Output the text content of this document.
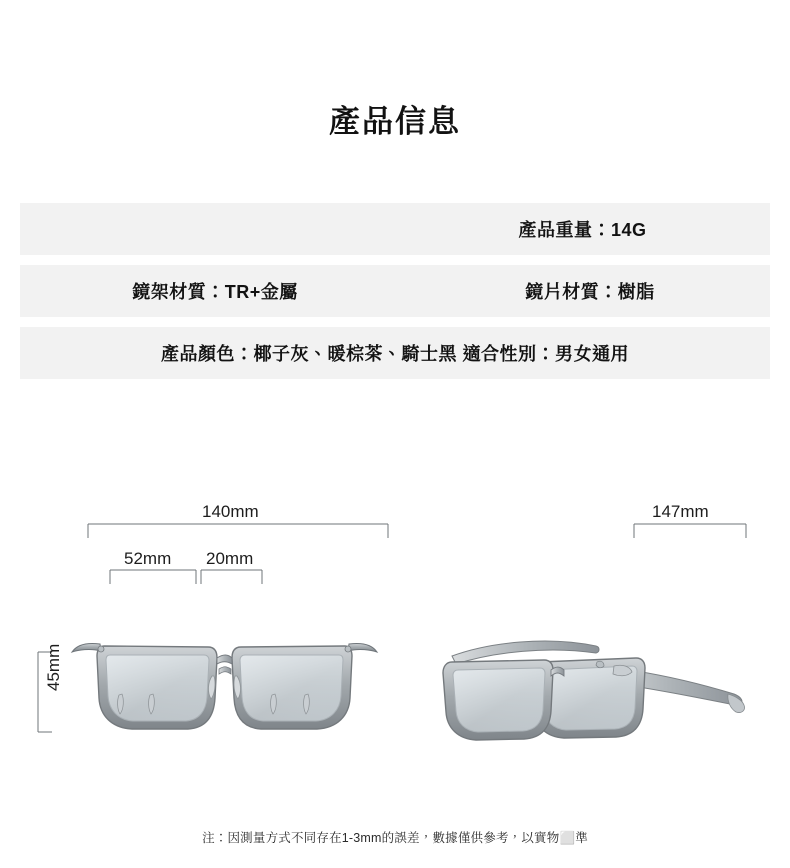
產品信息
產品重量：14G
鏡架材質：TR+金屬	鏡片材質：樹脂
產品顏色：椰子灰、暖棕茶、騎士黑 適合性別：男女通用
140mm
52mm 20mm
45mm
147mm
注：因測量方式不同存在1-3mm的誤差，數據僅供參考，以實物⬜準
